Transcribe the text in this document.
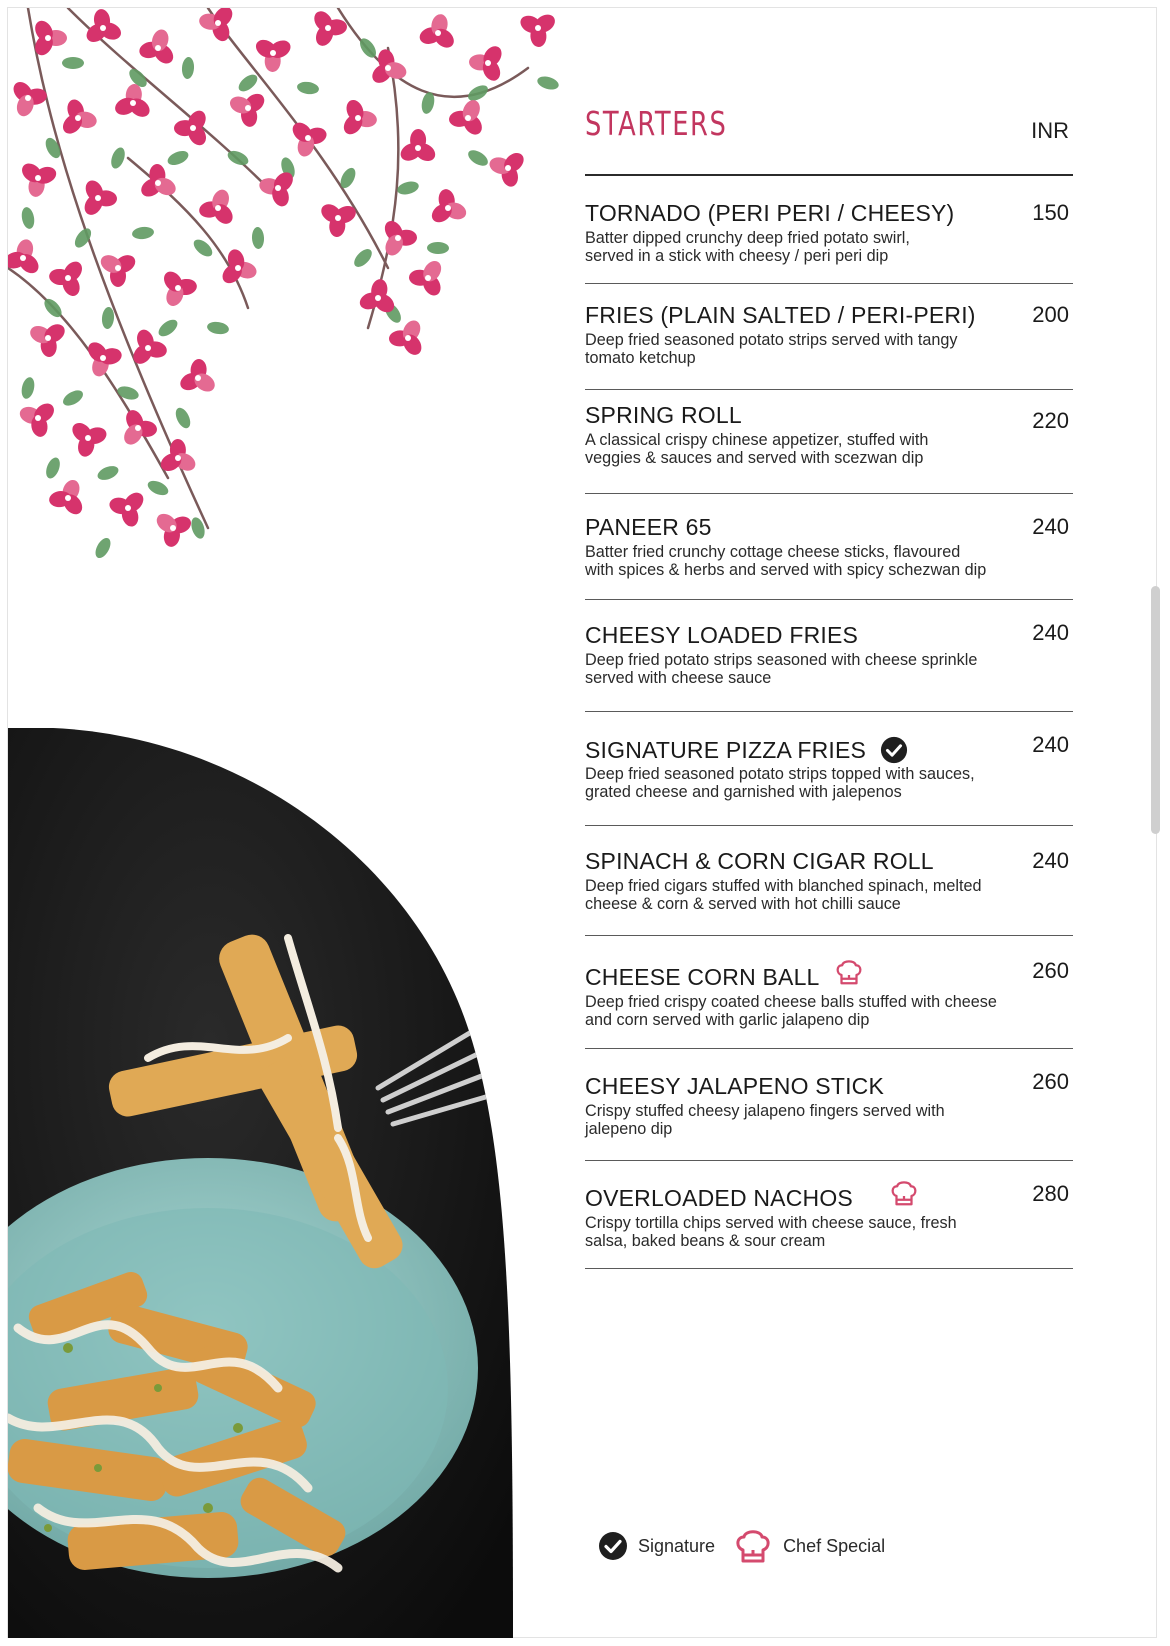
STARTERS	INR
TORNADO (PERI PERI / CHEESY)
Batter dipped crunchy deep fried potato swirl,
served in a stick with cheesy / peri peri dip
150
FRIES (PLAIN SALTED / PERI-PERI)
Deep fried seasoned potato strips served with tangy
tomato ketchup
200
SPRING ROLL
A classical crispy chinese appetizer, stuffed with
veggies & sauces and served with scezwan dip
220
PANEER 65
Batter fried crunchy cottage cheese sticks, flavoured
with spices & herbs and served with spicy schezwan dip
240
CHEESY LOADED FRIES
Deep fried potato strips seasoned with cheese sprinkle
served with cheese sauce
240
SIGNATURE PIZZA FRIES
Deep fried seasoned potato strips topped with sauces,
grated cheese and garnished with jalepenos
240
SPINACH & CORN CIGAR ROLL
Deep fried cigars stuffed with blanched spinach, melted
cheese & corn & served with hot chilli sauce
240
CHEESE CORN BALL
Deep fried crispy coated cheese balls stuffed with cheese
and corn served with garlic jalapeno dip
260
CHEESY JALAPENO STICK
Crispy stuffed cheesy jalapeno fingers served with
jalepeno dip
260
OVERLOADED NACHOS
Crispy tortilla chips served with cheese sauce, fresh
salsa, baked beans & sour cream
280
Signature	Chef Special
